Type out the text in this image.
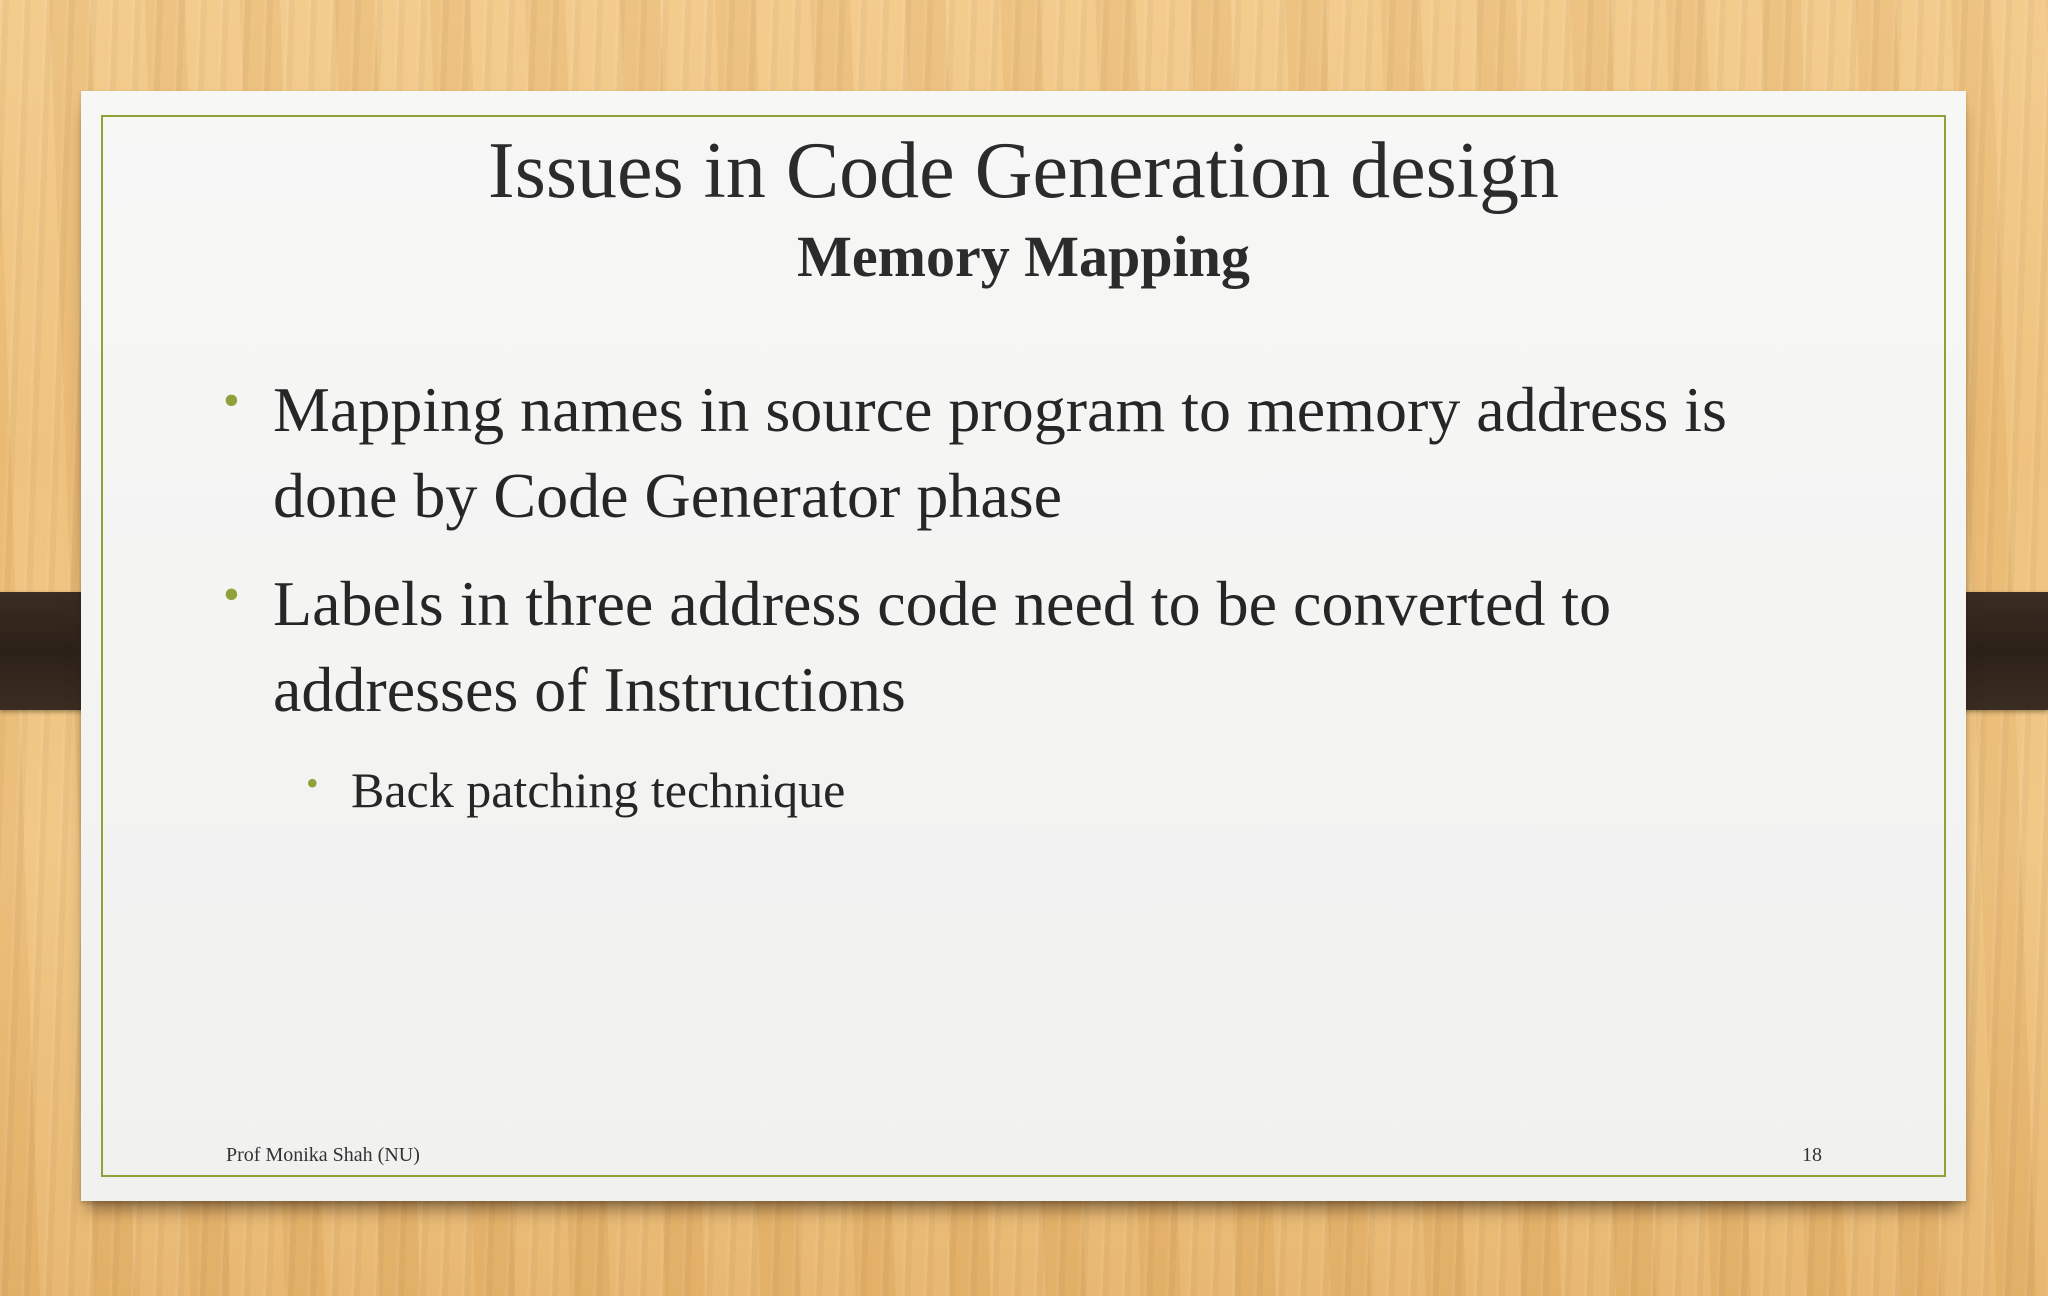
Issues in Code Generation design
Memory Mapping
• Mapping names in source program to memory address is done by Code Generator phase
• Labels in three address code need to be converted to addresses of Instructions
• Back patching technique
Prof Monika Shah (NU)	18
